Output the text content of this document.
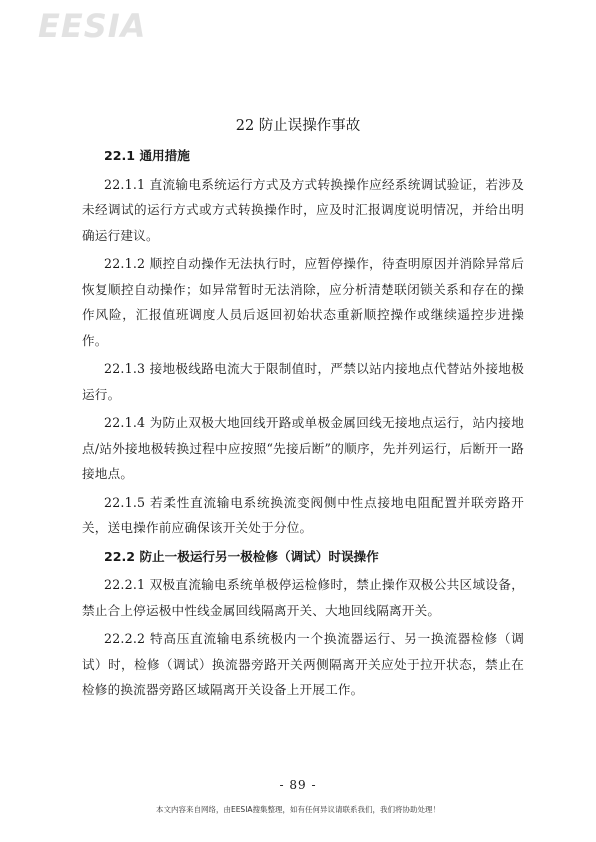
EESIA
22 防止误操作事故
22.1 通用措施

22.1.1 直流输电系统运行方式及方式转换操作应经系统调试验证，若涉及未经调试的运行方式或方式转换操作时，应及时汇报调度说明情况，并给出明确运行建议。

22.1.2 顺控自动操作无法执行时，应暂停操作，待查明原因并消除异常后恢复顺控自动操作；如异常暂时无法消除，应分析清楚联闭锁关系和存在的操作风险，汇报值班调度人员后返回初始状态重新顺控操作或继续遥控步进操作。

22.1.3 接地极线路电流大于限制值时，严禁以站内接地点代替站外接地极运行。

22.1.4 为防止双极大地回线开路或单极金属回线无接地点运行，站内接地点/站外接地极转换过程中应按照“先接后断”的顺序，先并列运行，后断开一路接地点。

22.1.5 若柔性直流输电系统换流变阀侧中性点接地电阻配置并联旁路开关，送电操作前应确保该开关处于分位。

22.2 防止一极运行另一极检修（调试）时误操作

22.2.1 双极直流输电系统单极停运检修时，禁止操作双极公共区域设备，禁止合上停运极中性线金属回线隔离开关、大地回线隔离开关。

22.2.2 特高压直流输电系统极内一个换流器运行、另一换流器检修（调试）时，检修（调试）换流器旁路开关两侧隔离开关应处于拉开状态，禁止在检修的换流器旁路区域隔离开关设备上开展工作。

- 89 -
本文内容来自网络，由EESIA搜集整理，如有任何异议请联系我们，我们将协助处理！
